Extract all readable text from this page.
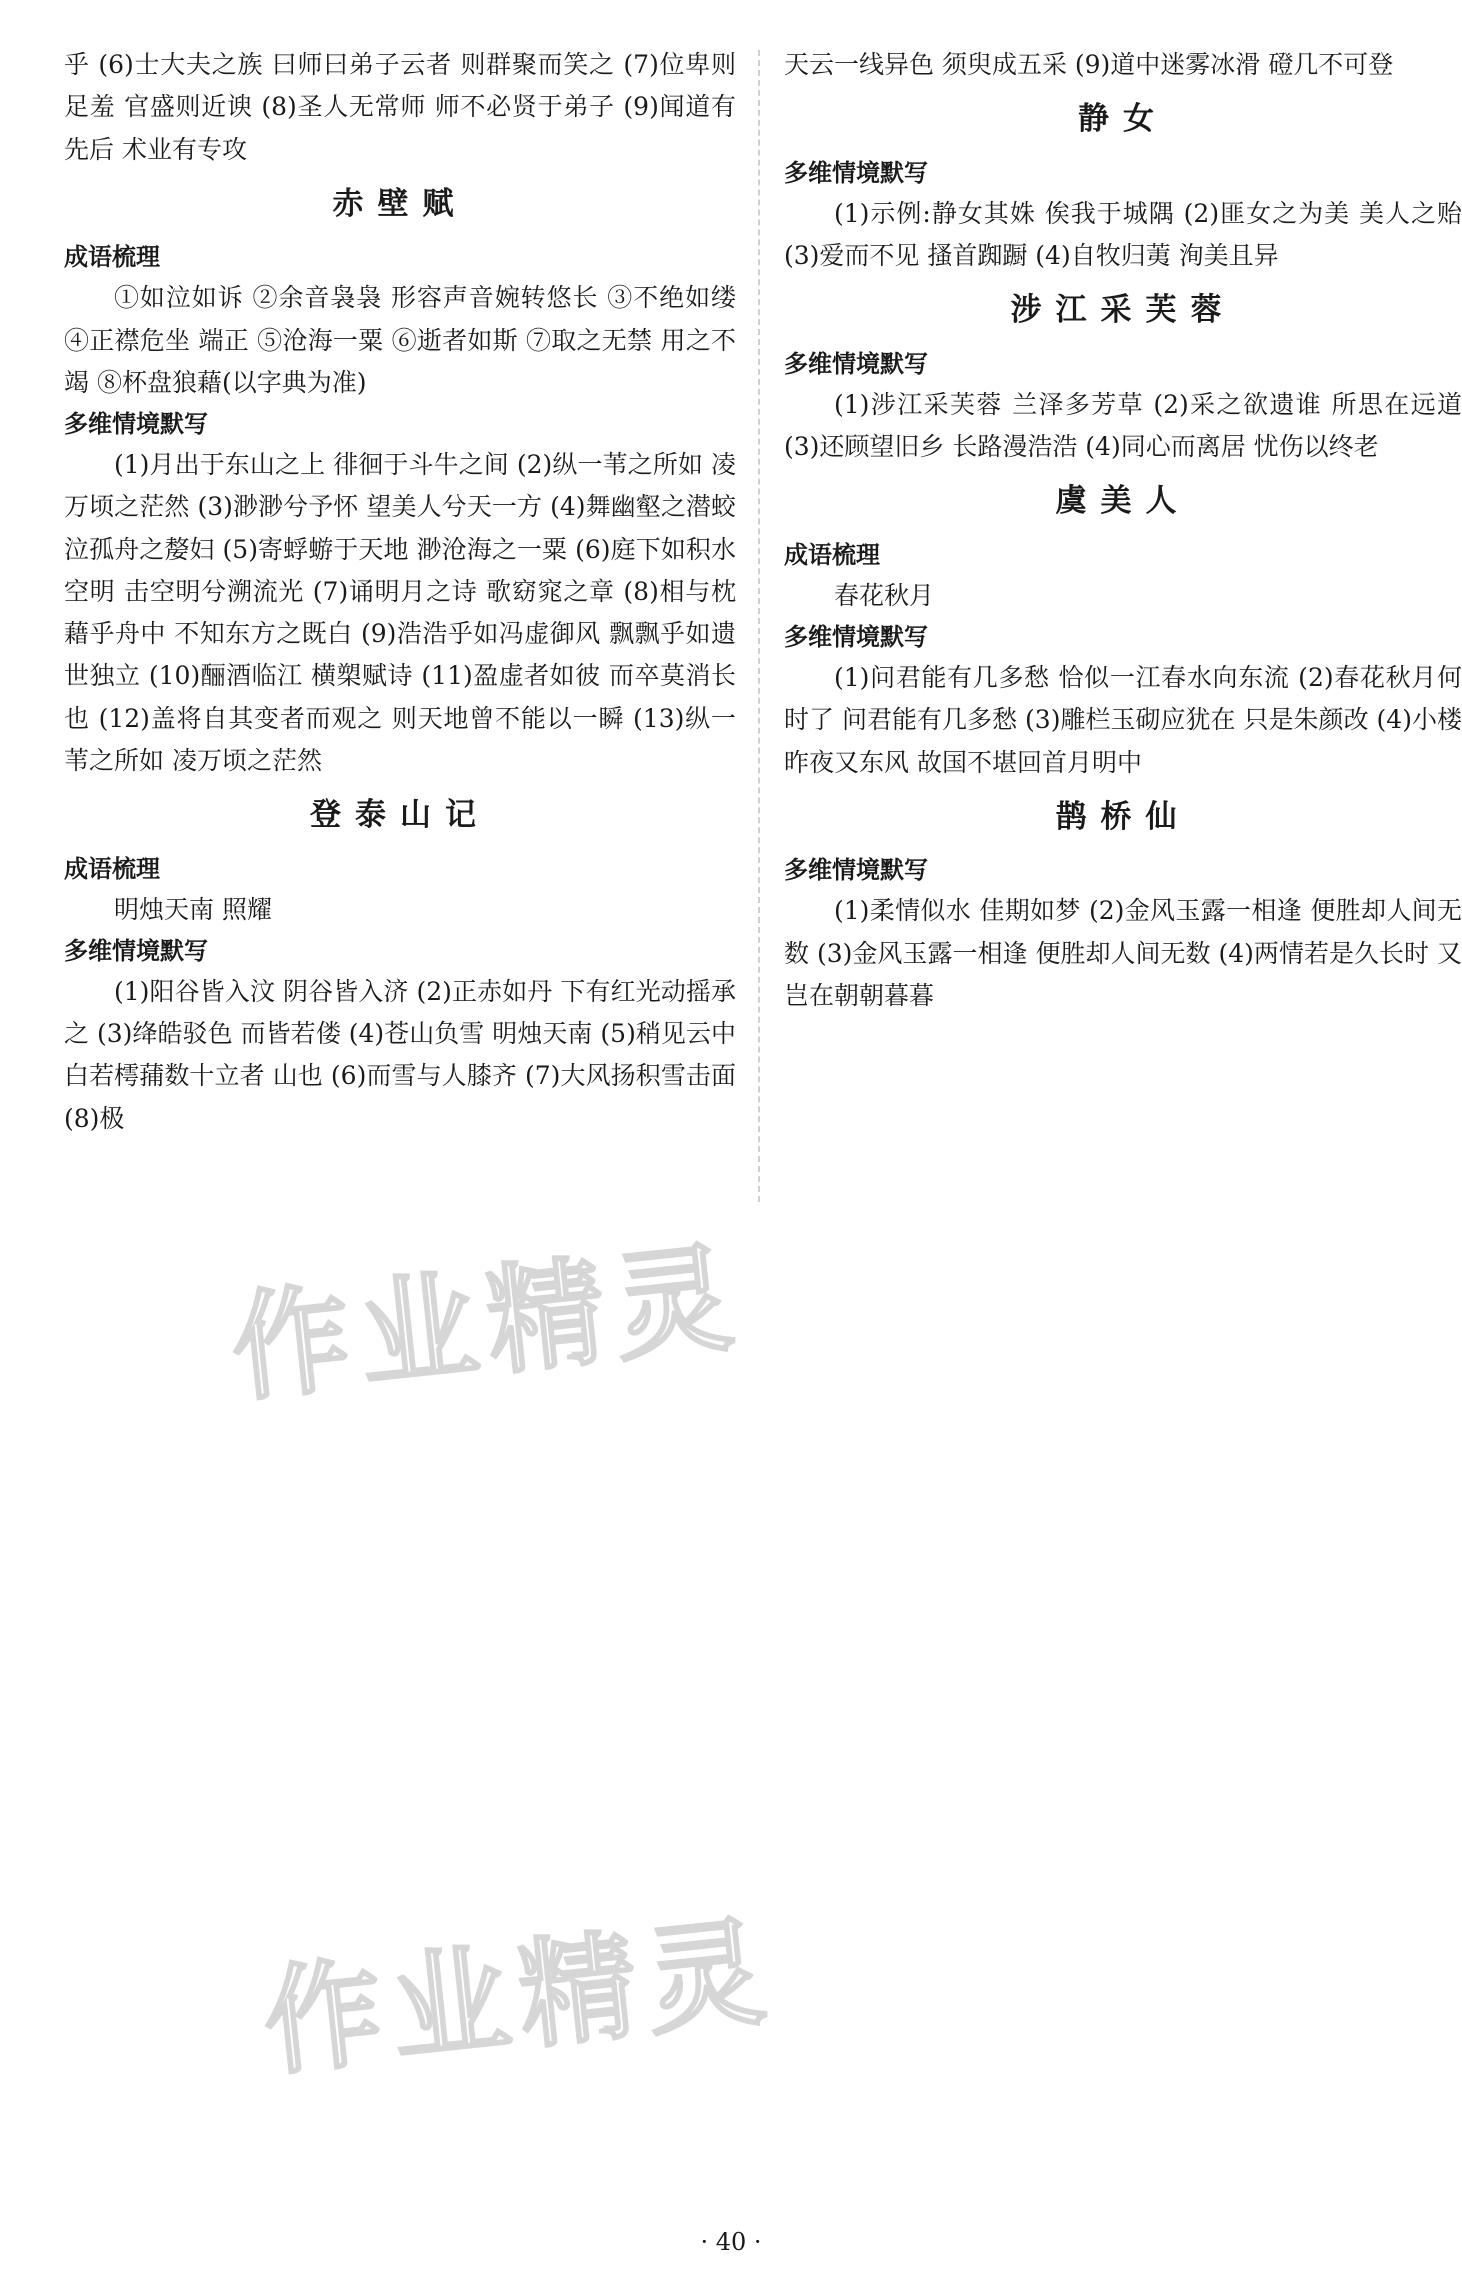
乎 (6)士大夫之族 曰师曰弟子云者 则群聚而笑之 (7)位卑则足羞 官盛则近谀 (8)圣人无常师 师不必贤于弟子 (9)闻道有先后 术业有专攻

赤壁赋
成语梳理

①如泣如诉 ②余音袅袅 形容声音婉转悠长 ③不绝如缕 ④正襟危坐 端正 ⑤沧海一粟 ⑥逝者如斯 ⑦取之无禁 用之不竭 ⑧杯盘狼藉(以字典为准)

多维情境默写

(1)月出于东山之上 徘徊于斗牛之间 (2)纵一苇之所如 凌万顷之茫然 (3)渺渺兮予怀 望美人兮天一方 (4)舞幽壑之潜蛟 泣孤舟之嫠妇 (5)寄蜉蝣于天地 渺沧海之一粟 (6)庭下如积水空明 击空明兮溯流光 (7)诵明月之诗 歌窈窕之章 (8)相与枕藉乎舟中 不知东方之既白 (9)浩浩乎如冯虚御风 飘飘乎如遗世独立 (10)酾酒临江 横槊赋诗 (11)盈虚者如彼 而卒莫消长也 (12)盖将自其变者而观之 则天地曾不能以一瞬 (13)纵一苇之所如 凌万顷之茫然

登泰山记
成语梳理

明烛天南 照耀

多维情境默写

(1)阳谷皆入汶 阴谷皆入济 (2)正赤如丹 下有红光动摇承之 (3)绛皓驳色 而皆若偻 (4)苍山负雪 明烛天南 (5)稍见云中白若樗蒱数十立者 山也 (6)而雪与人膝齐 (7)大风扬积雪击面 (8)极

天云一线异色 须臾成五采 (9)道中迷雾冰滑 磴几不可登

静女
多维情境默写

(1)示例:静女其姝 俟我于城隅 (2)匪女之为美 美人之贻 (3)爱而不见 搔首踟蹰 (4)自牧归荑 洵美且异

涉江采芙蓉
多维情境默写

(1)涉江采芙蓉 兰泽多芳草 (2)采之欲遗谁 所思在远道 (3)还顾望旧乡 长路漫浩浩 (4)同心而离居 忧伤以终老

虞美人
成语梳理

春花秋月

多维情境默写

(1)问君能有几多愁 恰似一江春水向东流 (2)春花秋月何时了 问君能有几多愁 (3)雕栏玉砌应犹在 只是朱颜改 (4)小楼昨夜又东风 故国不堪回首月明中

鹊桥仙
多维情境默写

(1)柔情似水 佳期如梦 (2)金风玉露一相逢 便胜却人间无数 (3)金风玉露一相逢 便胜却人间无数 (4)两情若是久长时 又岂在朝朝暮暮

作业精灵
作业精灵
· 40 ·
